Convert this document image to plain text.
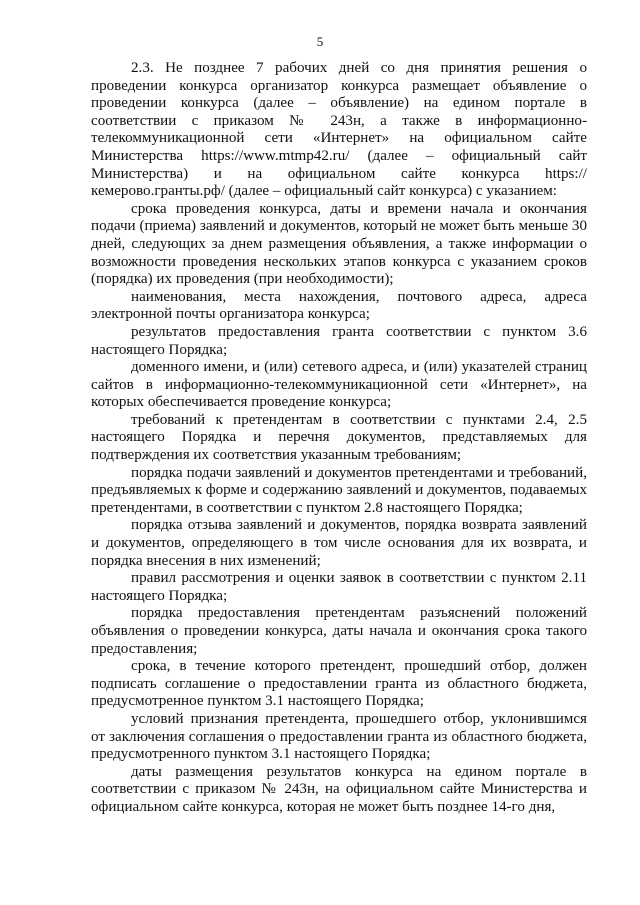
5

2.3. Не позднее 7 рабочих дней со дня принятия решения о проведении конкурса организатор конкурса размещает объявление о проведении конкурса (далее – объявление) на едином портале в соответствии с приказом № 243н, а также в информационно-телекоммуникационной сети «Интернет» на официальном сайте Министерства https://www.mtmp42.ru/ (далее – официальный сайт Министерства) и на официальном сайте конкурса https://кемерово.гранты.рф/ (далее – официальный сайт конкурса) с указанием:

срока проведения конкурса, даты и времени начала и окончания подачи (приема) заявлений и документов, который не может быть меньше 30 дней, следующих за днем размещения объявления, а также информации о возможности проведения нескольких этапов конкурса с указанием сроков (порядка) их проведения (при необходимости);

наименования, места нахождения, почтового адреса, адреса электронной почты организатора конкурса;

результатов предоставления гранта соответствии с пунктом 3.6 настоящего Порядка;

доменного имени, и (или) сетевого адреса, и (или) указателей страниц сайтов в информационно-телекоммуникационной сети «Интернет», на которых обеспечивается проведение конкурса;

требований к претендентам в соответствии с пунктами 2.4, 2.5 настоящего Порядка и перечня документов, представляемых для подтверждения их соответствия указанным требованиям;

порядка подачи заявлений и документов претендентами и требований, предъявляемых к форме и содержанию заявлений и документов, подаваемых претендентами, в соответствии с пунктом 2.8 настоящего Порядка;

порядка отзыва заявлений и документов, порядка возврата заявлений и документов, определяющего в том числе основания для их возврата, и порядка внесения в них изменений;

правил рассмотрения и оценки заявок в соответствии с пунктом 2.11 настоящего Порядка;

порядка предоставления претендентам разъяснений положений объявления о проведении конкурса, даты начала и окончания срока такого предоставления;

срока, в течение которого претендент, прошедший отбор, должен подписать соглашение о предоставлении гранта из областного бюджета, предусмотренное пунктом 3.1 настоящего Порядка;

условий признания претендента, прошедшего отбор, уклонившимся от заключения соглашения о предоставлении гранта из областного бюджета, предусмотренного пунктом 3.1 настоящего Порядка;

даты размещения результатов конкурса на едином портале в соответствии с приказом № 243н, на официальном сайте Министерства и официальном сайте конкурса, которая не может быть позднее 14-го дня,
